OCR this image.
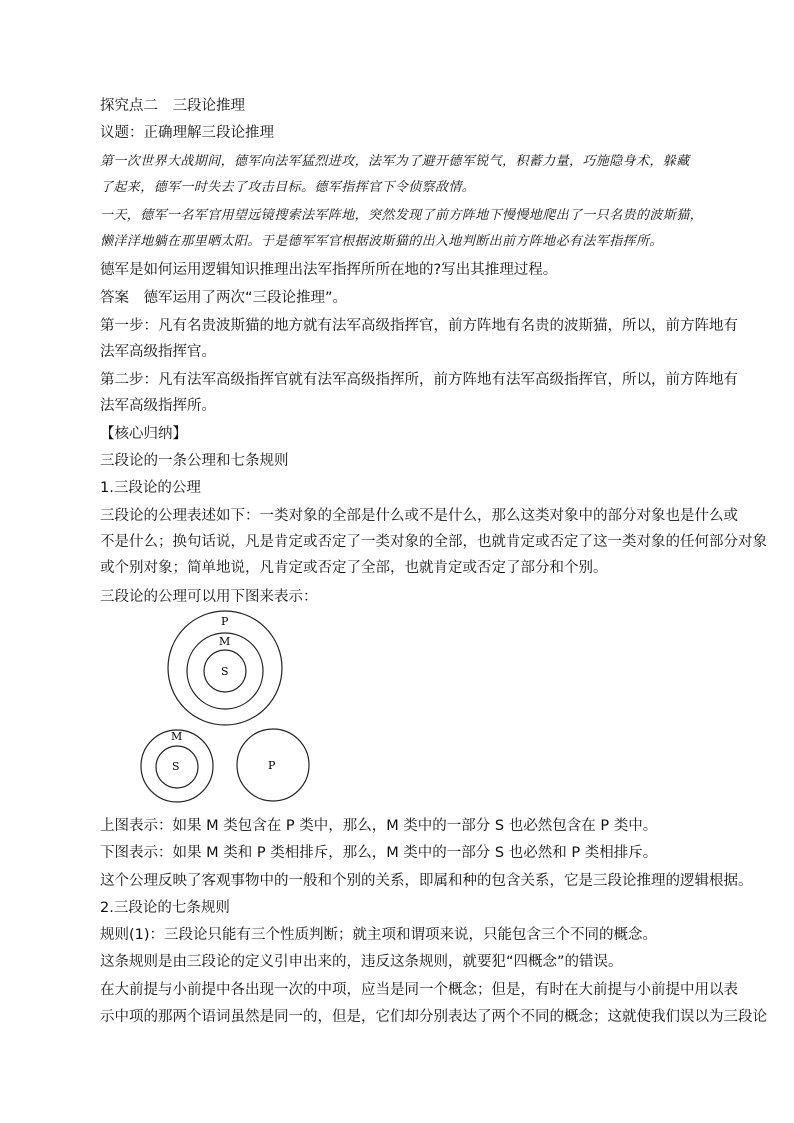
探究点二　三段论推理
议题：正确理解三段论推理
第一次世界大战期间，德军向法军猛烈进攻，法军为了避开德军锐气，积蓄力量，巧施隐身术，躲藏
了起来，德军一时失去了攻击目标。德军指挥官下令侦察敌情。
一天，德军一名军官用望远镜搜索法军阵地，突然发现了前方阵地下慢慢地爬出了一只名贵的波斯猫，
懒洋洋地躺在那里晒太阳。于是德军军官根据波斯猫的出入地判断出前方阵地必有法军指挥所。
德军是如何运用逻辑知识推理出法军指挥所所在地的?写出其推理过程。
答案　德军运用了两次“三段论推理”。
第一步：凡有名贵波斯猫的地方就有法军高级指挥官，前方阵地有名贵的波斯猫，所以，前方阵地有
法军高级指挥官。
第二步：凡有法军高级指挥官就有法军高级指挥所，前方阵地有法军高级指挥官，所以，前方阵地有
法军高级指挥所。
【核心归纳】
三段论的一条公理和七条规则
1.三段论的公理
三段论的公理表述如下：一类对象的全部是什么或不是什么，那么这类对象中的部分对象也是什么或
不是什么；换句话说，凡是肯定或否定了一类对象的全部，也就肯定或否定了这一类对象的任何部分对象
或个别对象；简单地说，凡肯定或否定了全部，也就肯定或否定了部分和个别。
三段论的公理可以用下图来表示：
P
M
S
M
S	P
上图表示：如果 M 类包含在 P 类中，那么，M 类中的一部分 S 也必然包含在 P 类中。
下图表示：如果 M 类和 P 类相排斥，那么，M 类中的一部分 S 也必然和 P 类相排斥。
这个公理反映了客观事物中的一般和个别的关系，即属和种的包含关系，它是三段论推理的逻辑根据。
2.三段论的七条规则
规则(1)：三段论只能有三个性质判断；就主项和谓项来说，只能包含三个不同的概念。
这条规则是由三段论的定义引申出来的，违反这条规则，就要犯“四概念”的错误。
在大前提与小前提中各出现一次的中项，应当是同一个概念；但是，有时在大前提与小前提中用以表
示中项的那两个语词虽然是同一的，但是，它们却分别表达了两个不同的概念；这就使我们误以为三段论
